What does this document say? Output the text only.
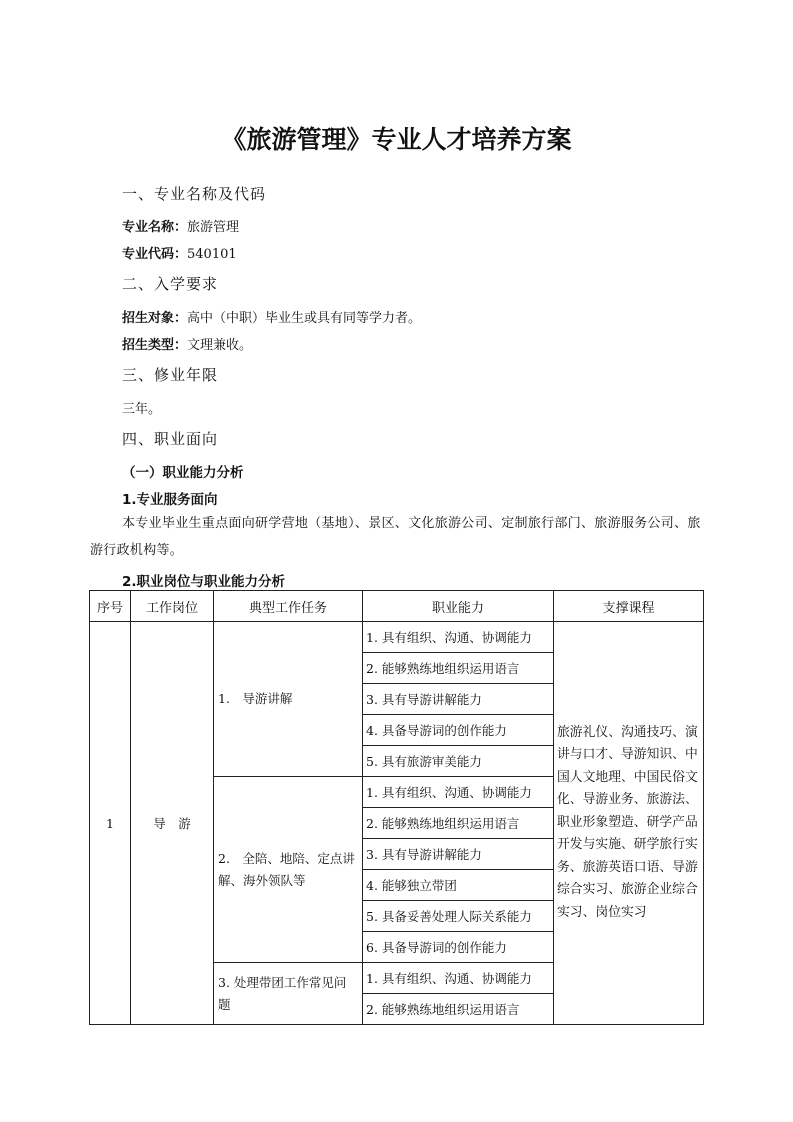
《旅游管理》专业人才培养方案
一、专业名称及代码
专业名称：旅游管理
专业代码：540101
二、入学要求
招生对象：高中（中职）毕业生或具有同等学力者。
招生类型：文理兼收。
三、修业年限
三年。
四、职业面向
（一）职业能力分析
1.专业服务面向
本专业毕业生重点面向研学营地（基地）、景区、文化旅游公司、定制旅行部门、旅游服务公司、旅游行政机构等。
2.职业岗位与职业能力分析
序号	工作岗位	典型工作任务	职业能力	支撑课程
1	导　游	1.　导游讲解	1. 具有组织、沟通、协调能力	旅游礼仪、沟通技巧、演讲与口才、导游知识、中国人文地理、中国民俗文化、导游业务、旅游法、职业形象塑造、研学产品开发与实施、研学旅行实务、旅游英语口语、导游综合实习、旅游企业综合实习、岗位实习
			2. 能够熟练地组织运用语言	
			3. 具有导游讲解能力	
			4. 具备导游词的创作能力	
			5. 具有旅游审美能力	
		2.　全陪、地陪、定点讲解、海外领队等	1. 具有组织、沟通、协调能力	
			2. 能够熟练地组织运用语言	
			3. 具有导游讲解能力	
			4. 能够独立带团	
			5. 具备妥善处理人际关系能力	
			6. 具备导游词的创作能力	
		3. 处理带团工作常见问题	1. 具有组织、沟通、协调能力	
			2. 能够熟练地组织运用语言	
